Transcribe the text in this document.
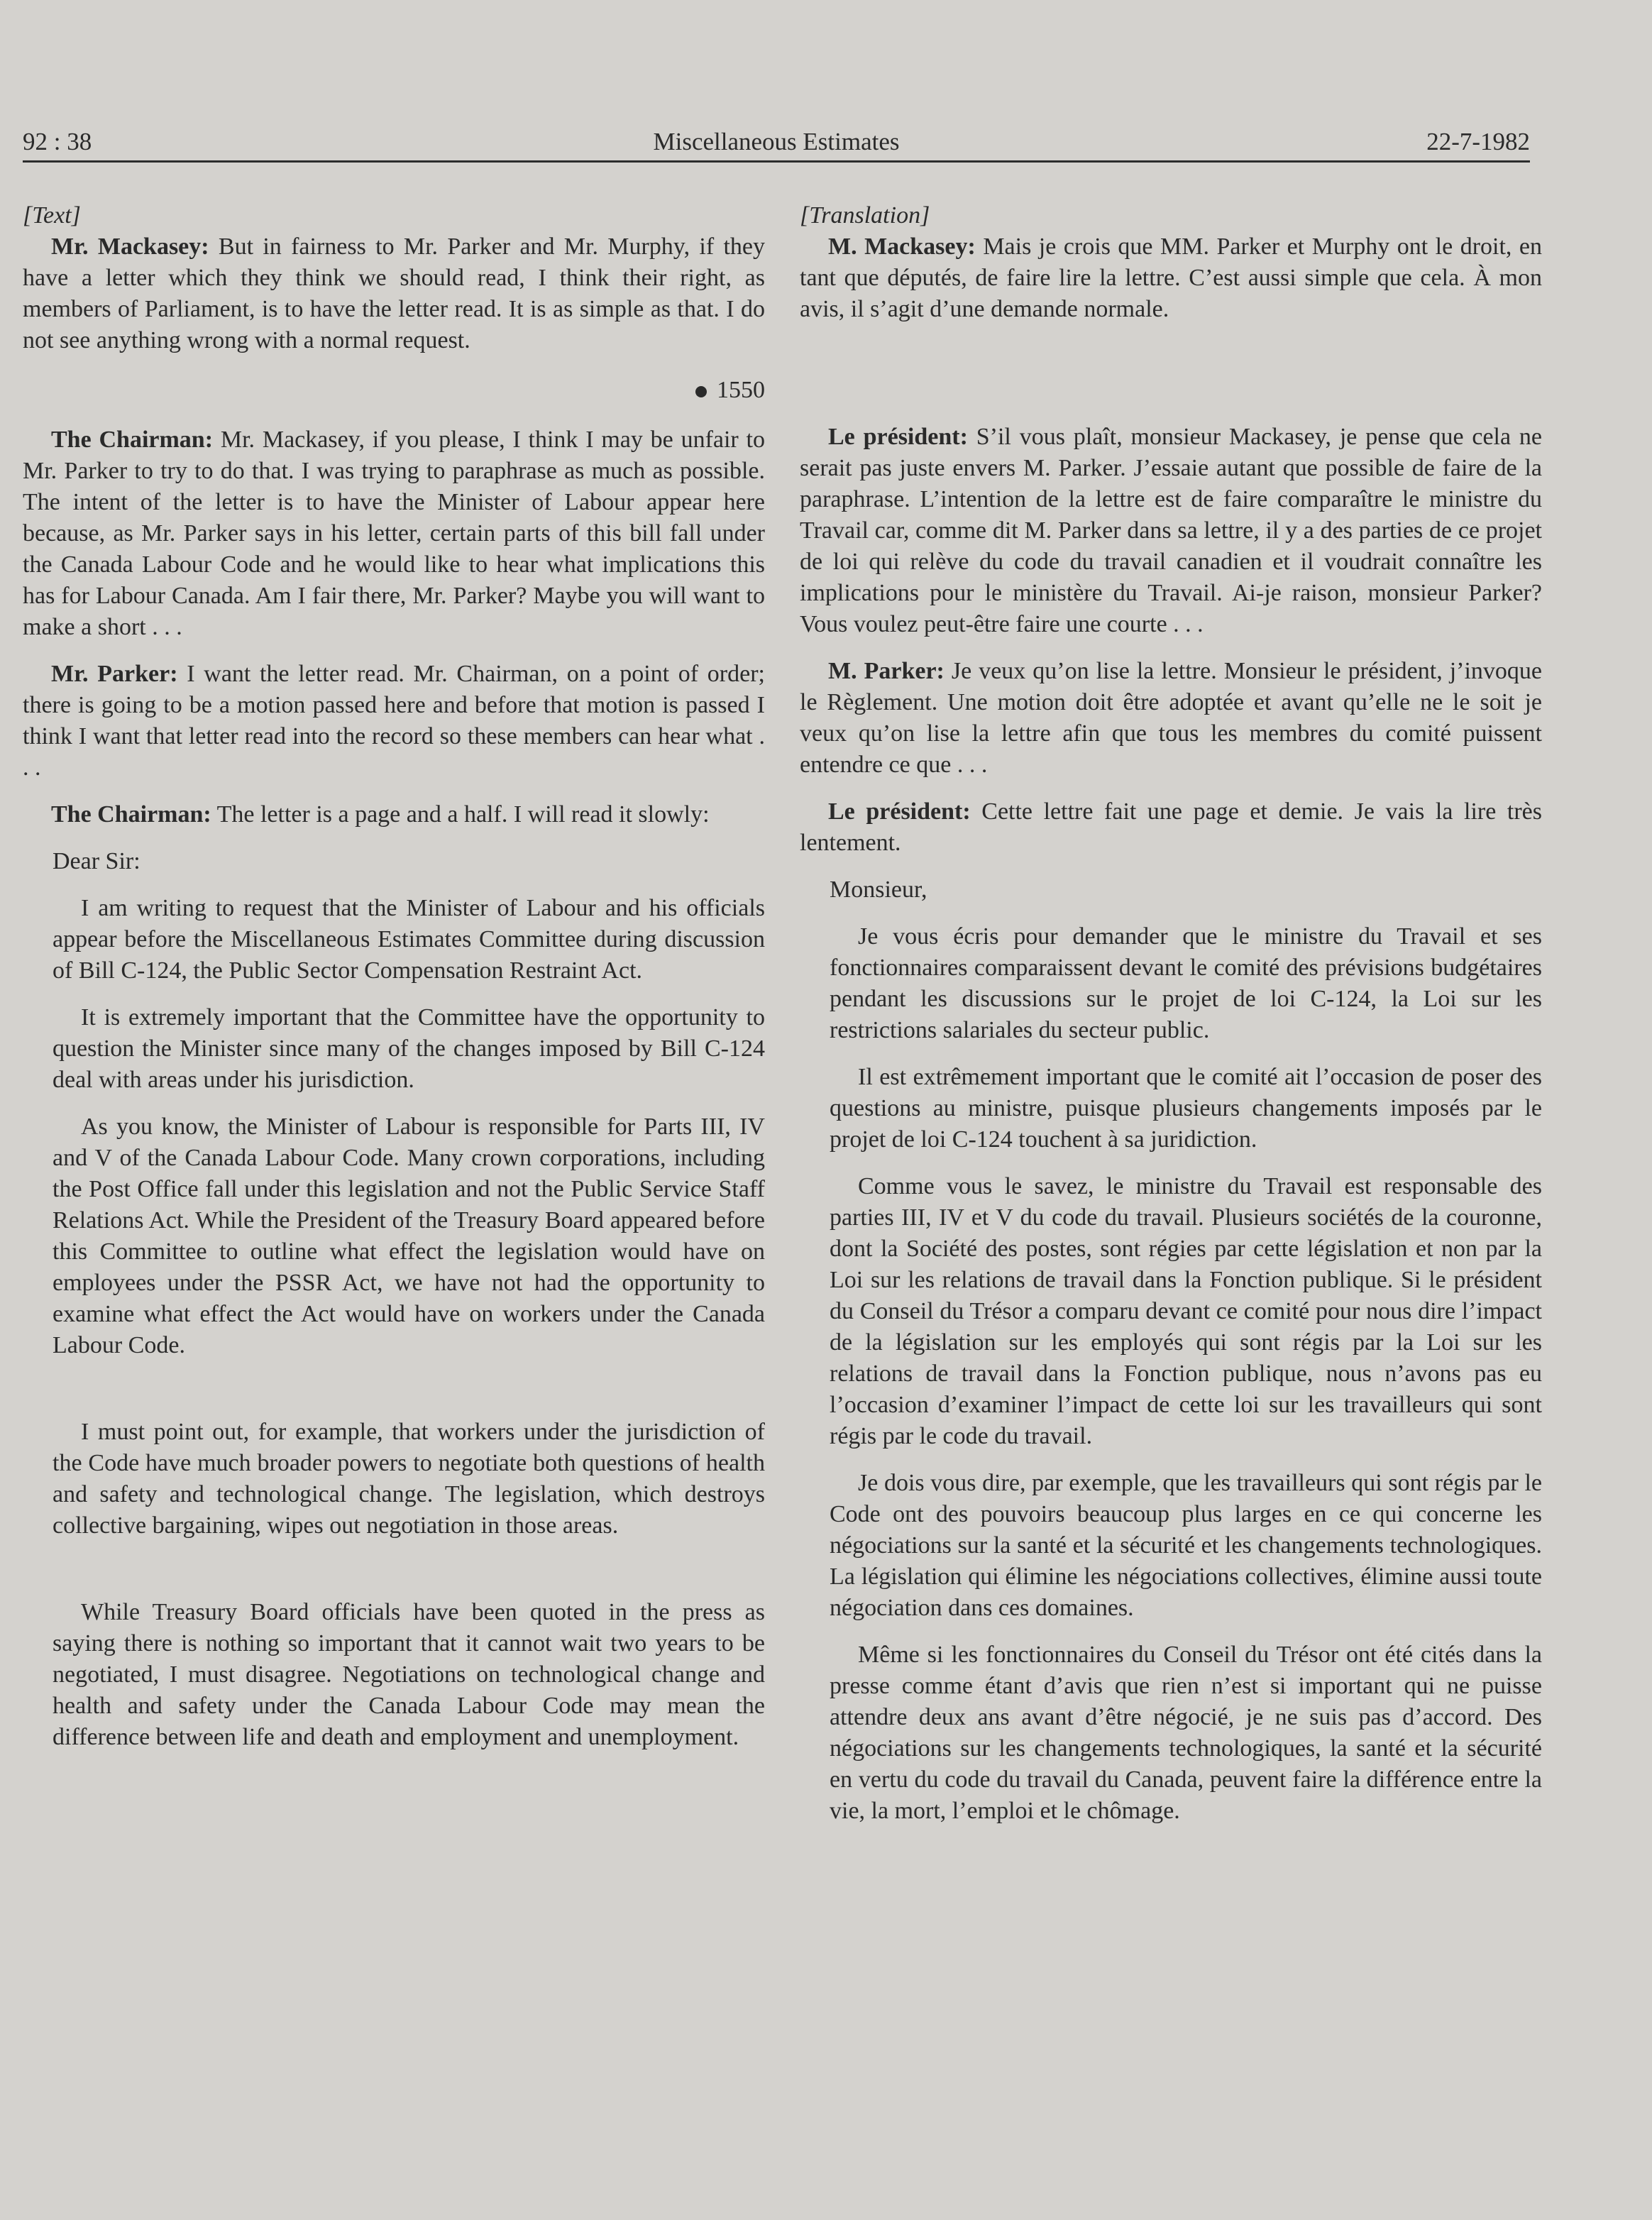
92 : 38	Miscellaneous Estimates	22-7-1982

[Text]

Mr. Mackasey: But in fairness to Mr. Parker and Mr. Murphy, if they have a letter which they think we should read, I think their right, as members of Parliament, is to have the letter read. It is as simple as that. I do not see anything wrong with a normal request.

1550

The Chairman: Mr. Mackasey, if you please, I think I may be unfair to Mr. Parker to try to do that. I was trying to paraphrase as much as possible. The intent of the letter is to have the Minister of Labour appear here because, as Mr. Parker says in his letter, certain parts of this bill fall under the Canada Labour Code and he would like to hear what implications this has for Labour Canada. Am I fair there, Mr. Parker? Maybe you will want to make a short . . .

Mr. Parker: I want the letter read. Mr. Chairman, on a point of order; there is going to be a motion passed here and before that motion is passed I think I want that letter read into the record so these members can hear what . . .

The Chairman: The letter is a page and a half. I will read it slowly:

Dear Sir:

I am writing to request that the Minister of Labour and his officials appear before the Miscellaneous Estimates Committee during discussion of Bill C-124, the Public Sector Compensation Restraint Act.

It is extremely important that the Committee have the opportunity to question the Minister since many of the changes imposed by Bill C-124 deal with areas under his jurisdiction.

As you know, the Minister of Labour is responsible for Parts III, IV and V of the Canada Labour Code. Many crown corporations, including the Post Office fall under this legislation and not the Public Service Staff Relations Act. While the President of the Treasury Board appeared before this Committee to outline what effect the legislation would have on employees under the PSSR Act, we have not had the opportunity to examine what effect the Act would have on workers under the Canada Labour Code.

I must point out, for example, that workers under the jurisdiction of the Code have much broader powers to negotiate both questions of health and safety and technological change. The legislation, which destroys collective bargaining, wipes out negotiation in those areas.

While Treasury Board officials have been quoted in the press as saying there is nothing so important that it cannot wait two years to be negotiated, I must disagree. Negotiations on technological change and health and safety under the Canada Labour Code may mean the difference between life and death and employment and unemployment.

[Translation]

M. Mackasey: Mais je crois que MM. Parker et Murphy ont le droit, en tant que députés, de faire lire la lettre. C’est aussi simple que cela. À mon avis, il s’agit d’une demande normale.

Le président: S’il vous plaît, monsieur Mackasey, je pense que cela ne serait pas juste envers M. Parker. J’essaie autant que possible de faire de la paraphrase. L’intention de la lettre est de faire comparaître le ministre du Travail car, comme dit M. Parker dans sa lettre, il y a des parties de ce projet de loi qui relève du code du travail canadien et il voudrait connaître les implications pour le ministère du Travail. Ai-je raison, monsieur Parker? Vous voulez peut-être faire une courte . . .

M. Parker: Je veux qu’on lise la lettre. Monsieur le président, j’invoque le Règlement. Une motion doit être adoptée et avant qu’elle ne le soit je veux qu’on lise la lettre afin que tous les membres du comité puissent entendre ce que . . .

Le président: Cette lettre fait une page et demie. Je vais la lire très lentement.

Monsieur,

Je vous écris pour demander que le ministre du Travail et ses fonctionnaires comparaissent devant le comité des prévisions budgétaires pendant les discussions sur le projet de loi C-124, la Loi sur les restrictions salariales du secteur public.

Il est extrêmement important que le comité ait l’occasion de poser des questions au ministre, puisque plusieurs changements imposés par le projet de loi C-124 touchent à sa juridiction.

Comme vous le savez, le ministre du Travail est responsable des parties III, IV et V du code du travail. Plusieurs sociétés de la couronne, dont la Société des postes, sont régies par cette législation et non par la Loi sur les relations de travail dans la Fonction publique. Si le président du Conseil du Trésor a comparu devant ce comité pour nous dire l’impact de la législation sur les employés qui sont régis par la Loi sur les relations de travail dans la Fonction publique, nous n’avons pas eu l’occasion d’examiner l’impact de cette loi sur les travailleurs qui sont régis par le code du travail.

Je dois vous dire, par exemple, que les travailleurs qui sont régis par le Code ont des pouvoirs beaucoup plus larges en ce qui concerne les négociations sur la santé et la sécurité et les changements technologiques. La législation qui élimine les négociations collectives, élimine aussi toute négociation dans ces domaines.

Même si les fonctionnaires du Conseil du Trésor ont été cités dans la presse comme étant d’avis que rien n’est si important qui ne puisse attendre deux ans avant d’être négocié, je ne suis pas d’accord. Des négociations sur les changements technologiques, la santé et la sécurité en vertu du code du travail du Canada, peuvent faire la différence entre la vie, la mort, l’emploi et le chômage.
